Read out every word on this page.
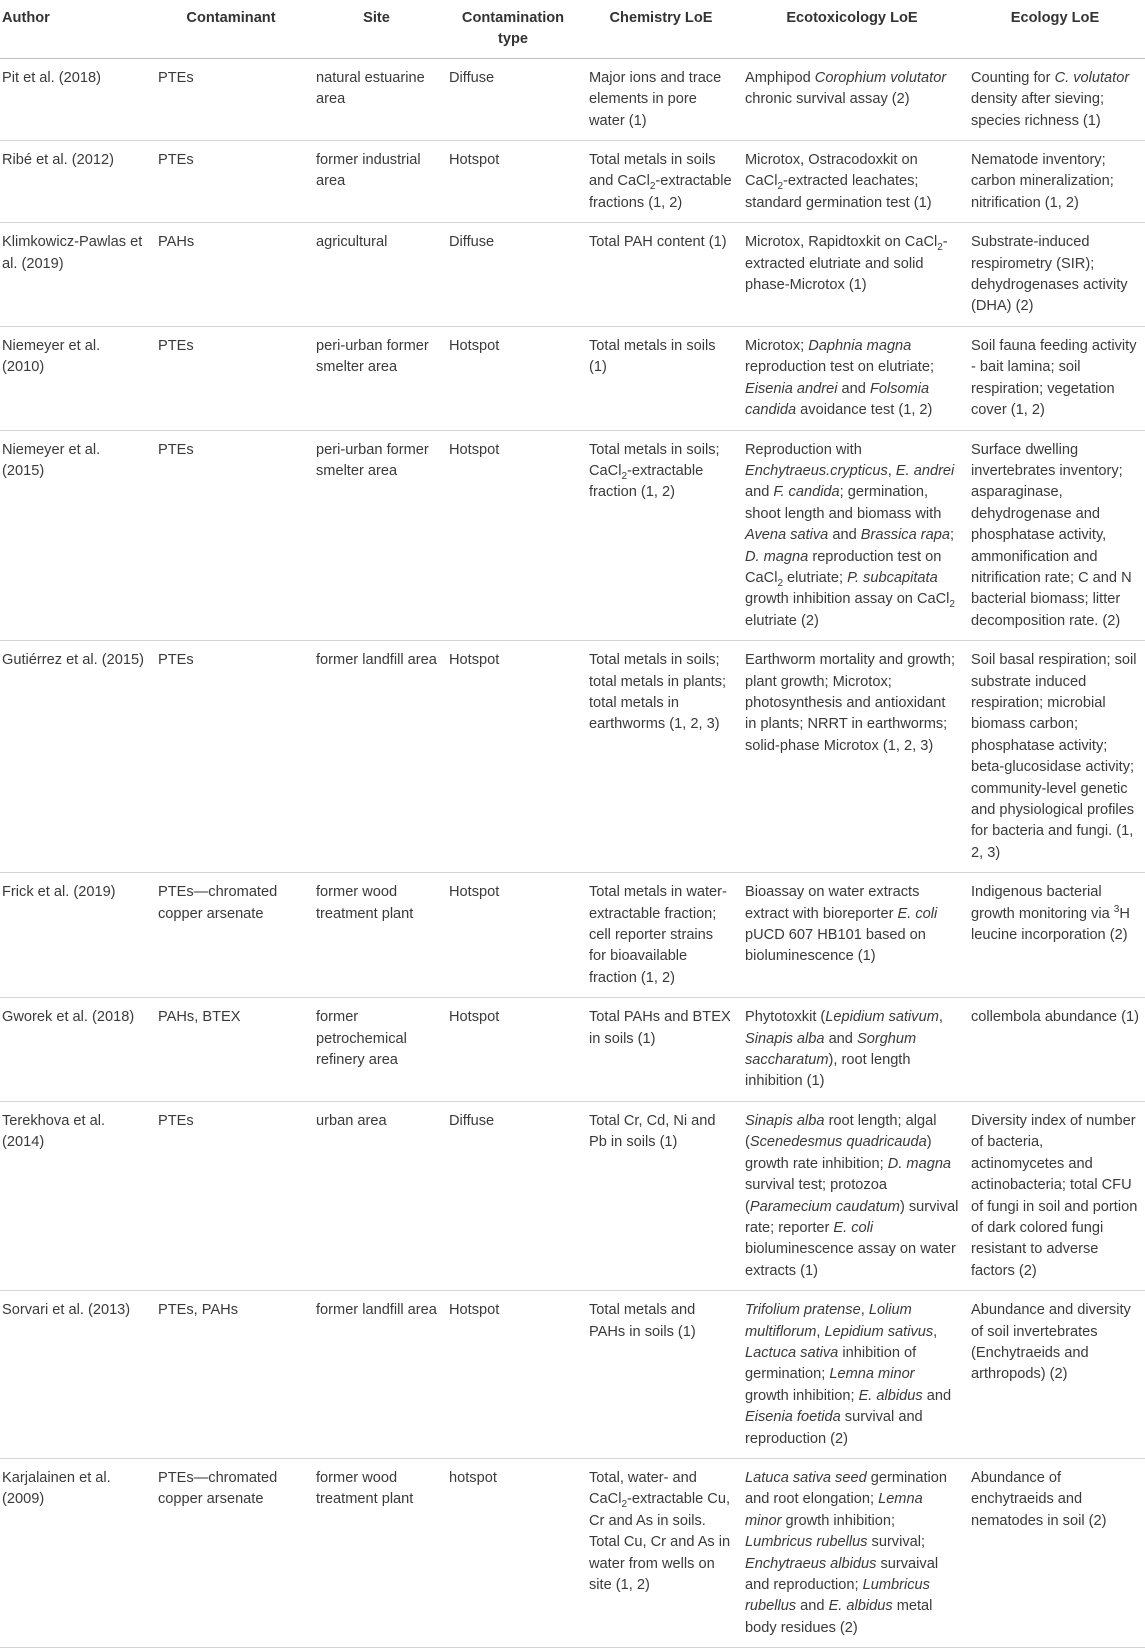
Author	Contaminant	Site	Contamination type	Chemistry LoE	Ecotoxicology LoE	Ecology LoE
Pit et al. (2018)	PTEs	natural estuarine area	Diffuse	Major ions and trace elements in pore water (1)	Amphipod Corophium volutator chronic survival assay (2)	Counting for C. volutator density after sieving; species richness (1)
Ribé et al. (2012)	PTEs	former industrial area	Hotspot	Total metals in soils and CaCl$_2$-extractable fractions (1, 2)	Microtox, Ostracodoxkit on CaCl$_2$-extracted leachates; standard germination test (1)	Nematode inventory; carbon mineralization; nitrification (1, 2)
Klimkowicz-Pawlas et al. (2019)	PAHs	agricultural	Diffuse	Total PAH content (1)	Microtox, Rapidtoxkit on CaCl$_2$-extracted elutriate and solid phase-Microtox (1)	Substrate-induced respirometry (SIR); dehydrogenases activity (DHA) (2)
Niemeyer et al. (2010)	PTEs	peri-urban former smelter area	Hotspot	Total metals in soils (1)	Microtox; Daphnia magna reproduction test on elutriate; Eisenia andrei and Folsomia candida avoidance test (1, 2)	Soil fauna feeding activity - bait lamina; soil respiration; vegetation cover (1, 2)
Niemeyer et al. (2015)	PTEs	peri-urban former smelter area	Hotspot	Total metals in soils; CaCl$_2$-extractable fraction (1, 2)	Reproduction with Enchytraeus.crypticus, E. andrei and F. candida; germination, shoot length and biomass with Avena sativa and Brassica rapa; D. magna reproduction test on CaCl$_2$ elutriate; P. subcapitata growth inhibition assay on CaCl$_2$ elutriate (2)	Surface dwelling invertebrates inventory; asparaginase, dehydrogenase and phosphatase activity, ammonification and nitrification rate; C and N bacterial biomass; litter decomposition rate. (2)
Gutiérrez et al. (2015)	PTEs	former landfill area	Hotspot	Total metals in soils; total metals in plants; total metals in earthworms (1, 2, 3)	Earthworm mortality and growth; plant growth; Microtox; photosynthesis and antioxidant in plants; NRRT in earthworms; solid-phase Microtox (1, 2, 3)	Soil basal respiration; soil substrate induced respiration; microbial biomass carbon; phosphatase activity; beta-glucosidase activity; community-level genetic and physiological profiles for bacteria and fungi. (1, 2, 3)
Frick et al. (2019)	PTEs—chromated copper arsenate	former wood treatment plant	Hotspot	Total metals in water- extractable fraction; cell reporter strains for bioavailable fraction (1, 2)	Bioassay on water extracts extract with bioreporter E. coli pUCD 607 HB101 based on bioluminescence (1)	Indigenous bacterial growth monitoring via $^3$H leucine incorporation (2)
Gworek et al. (2018)	PAHs, BTEX	former petrochemical refinery area	Hotspot	Total PAHs and BTEX in soils (1)	Phytotoxkit (Lepidium sativum, Sinapis alba and Sorghum saccharatum), root length inhibition (1)	collembola abundance (1)
Terekhova et al. (2014)	PTEs	urban area	Diffuse	Total Cr, Cd, Ni and Pb in soils (1)	Sinapis alba root length; algal (Scenedesmus quadricauda) growth rate inhibition; D. magna survival test; protozoa (Paramecium caudatum) survival rate; reporter E. coli bioluminescence assay on water extracts (1)	Diversity index of number of bacteria, actinomycetes and actinobacteria; total CFU of fungi in soil and portion of dark colored fungi resistant to adverse factors (2)
Sorvari et al. (2013)	PTEs, PAHs	former landfill area	Hotspot	Total metals and PAHs in soils (1)	Trifolium pratense, Lolium multiflorum, Lepidium sativus, Lactuca sativa inhibition of germination; Lemna minor growth inhibition; E. albidus and Eisenia foetida survival and reproduction (2)	Abundance and diversity of soil invertebrates (Enchytraeids and arthropods) (2)
Karjalainen et al. (2009)	PTEs—chromated copper arsenate	former wood treatment plant	hotspot	Total, water- and CaCl$_2$-extractable Cu, Cr and As in soils. Total Cu, Cr and As in water from wells on site (1, 2)	Latuca sativa seed germination and root elongation; Lemna minor growth inhibition; Lumbricus rubellus survival; Enchytraeus albidus survaival and reproduction; Lumbricus rubellus and E. albidus metal body residues (2)	Abundance of enchytraeids and nematodes in soil (2)
